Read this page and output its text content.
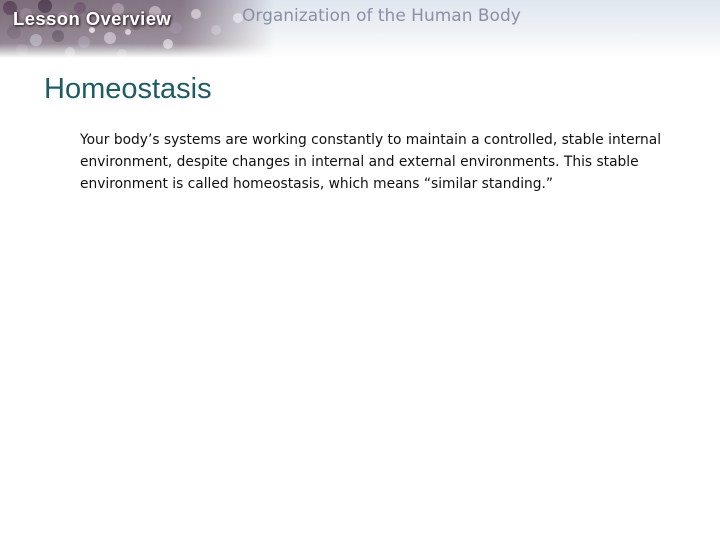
Lesson Overview	Organization of the Human Body
Homeostasis

Your body’s systems are working constantly to maintain a controlled, stable internal environment, despite changes in internal and external environments. This stable environment is called homeostasis, which means “similar standing.”
